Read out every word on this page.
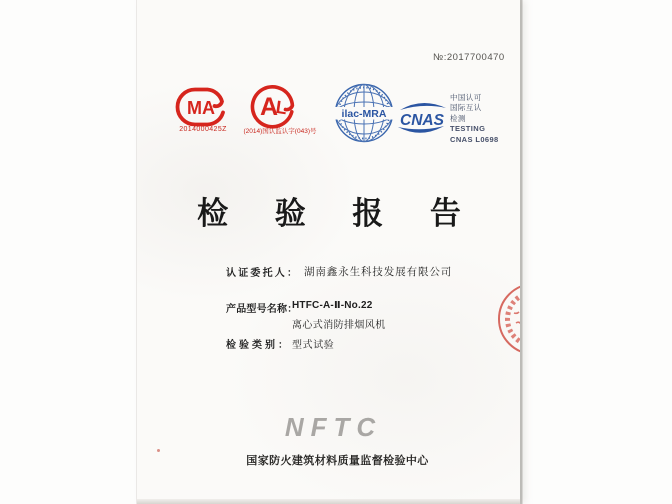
№:2017700470
MA
2014000425Z
A
L
(2014)国认监认字(043)号
ilac-MRA CNAS
中国认可
国际互认
检测
TESTING
CNAS L0698
检 验 报 告
认证委托人： 湖南鑫永生科技发展有限公司
产品型号名称：
HTFC-A-Ⅱ-No.22
离心式消防排烟风机
检验类别： 型式试验
NFTC
国家防火建筑材料质量监督检验中心
